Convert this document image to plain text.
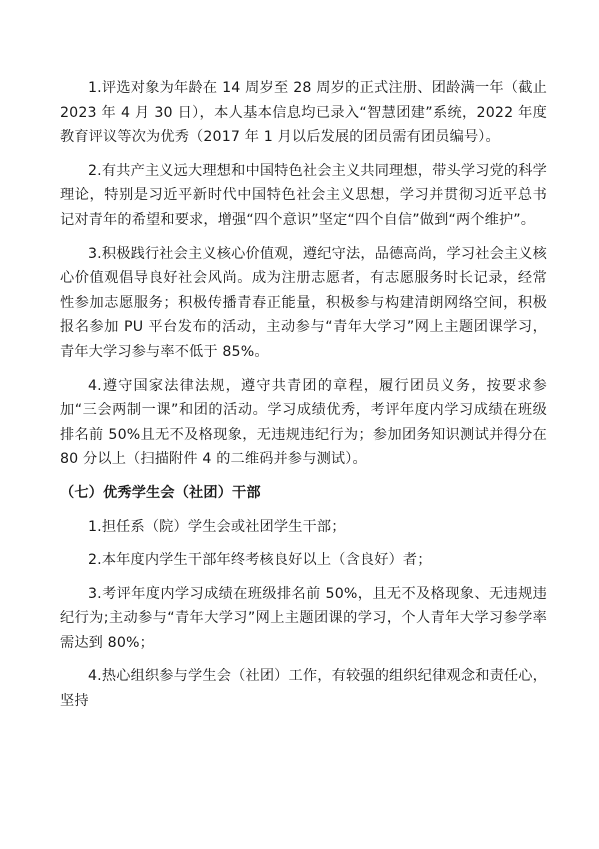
1.评选对象为年龄在 14 周岁至 28 周岁的正式注册、团龄满一年（截止 2023 年 4 月 30 日），本人基本信息均已录入“智慧团建”系统，2022 年度教育评议等次为优秀（2017 年 1 月以后发展的团员需有团员编号）。

2.有共产主义远大理想和中国特色社会主义共同理想，带头学习党的科学理论，特别是习近平新时代中国特色社会主义思想，学习并贯彻习近平总书记对青年的希望和要求，增强“四个意识”坚定“四个自信”做到“两个维护”。

3.积极践行社会主义核心价值观，遵纪守法，品德高尚，学习社会主义核心价值观倡导良好社会风尚。成为注册志愿者，有志愿服务时长记录，经常性参加志愿服务；积极传播青春正能量，积极参与构建清朗网络空间，积极报名参加 PU 平台发布的活动，主动参与“青年大学习”网上主题团课学习，青年大学习参与率不低于 85%。

4.遵守国家法律法规，遵守共青团的章程，履行团员义务，按要求参加“三会两制一课”和团的活动。学习成绩优秀，考评年度内学习成绩在班级排名前 50%且无不及格现象，无违规违纪行为；参加团务知识测试并得分在 80 分以上（扫描附件 4 的二维码并参与测试）。

（七）优秀学生会（社团）干部

1.担任系（院）学生会或社团学生干部；

2.本年度内学生干部年终考核良好以上（含良好）者；

3.考评年度内学习成绩在班级排名前 50%，且无不及格现象、无违规违纪行为;主动参与“青年大学习”网上主题团课的学习，个人青年大学习参学率需达到 80%；

4.热心组织参与学生会（社团）工作，有较强的组织纪律观念和责任心，坚持
